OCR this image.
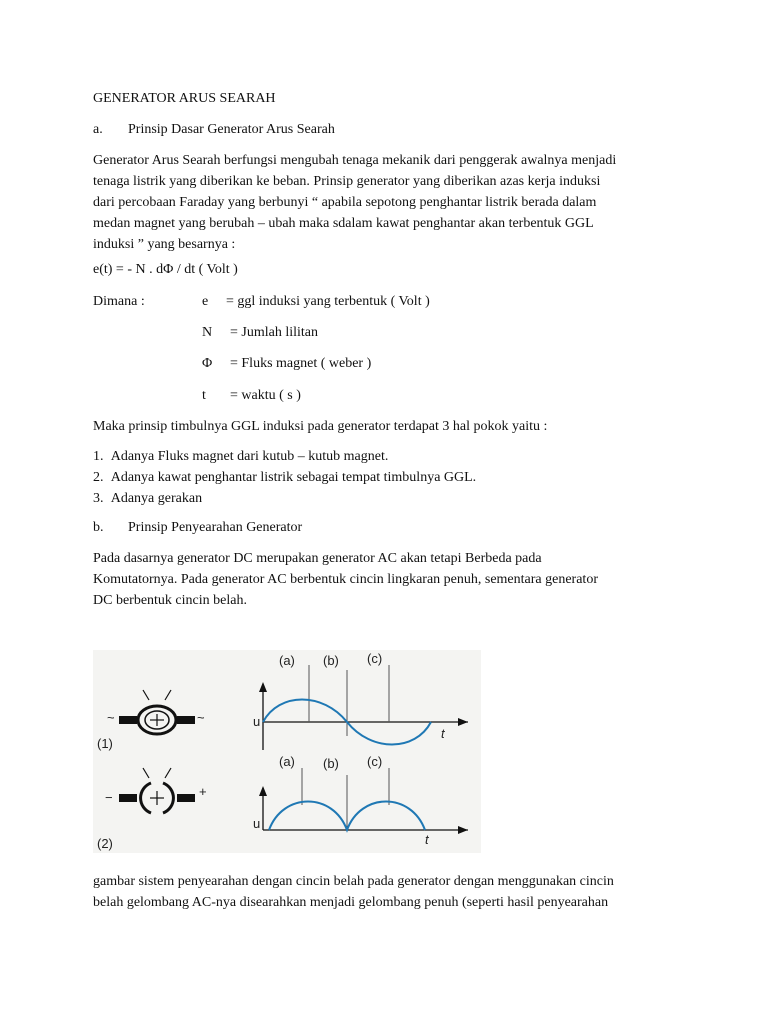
GENERATOR ARUS SEARAH

a. Prinsip Dasar Generator Arus Searah

Generator Arus Searah berfungsi mengubah tenaga mekanik dari penggerak awalnya menjadi
tenaga listrik yang diberikan ke beban. Prinsip generator yang diberikan azas kerja induksi
dari percobaan Faraday yang berbunyi “ apabila sepotong penghantar listrik berada dalam
medan magnet yang berubah – ubah maka sdalam kawat penghantar akan terbentuk GGL
induksi ” yang besarnya :

e(t) = - N . dΦ / dt ( Volt )

Dimana :	e = ggl induksi yang terbentuk ( Volt )
N = Jumlah lilitan
Φ = Fluks magnet ( weber )
t = waktu ( s )

Maka prinsip timbulnya GGL induksi pada generator terdapat 3 hal pokok yaitu :

1. Adanya Fluks magnet dari kutub – kutub magnet.
2. Adanya kawat penghantar listrik sebagai tempat timbulnya GGL.
3. Adanya gerakan

b. Prinsip Penyearahan Generator

Pada dasarnya generator DC merupakan generator AC akan tetapi Berbeda pada
Komutatornya. Pada generator AC berbentuk cincin lingkaran penuh, sementara generator
DC berbentuk cincin belah.
~	~
(1)
u
t
(a) (b) (c)
−	+
(2)
u
t
(a) (b) (c)
gambar sistem penyearahan dengan cincin belah pada generator dengan menggunakan cincin
belah gelombang AC-nya disearahkan menjadi gelombang penuh (seperti hasil penyearahan
